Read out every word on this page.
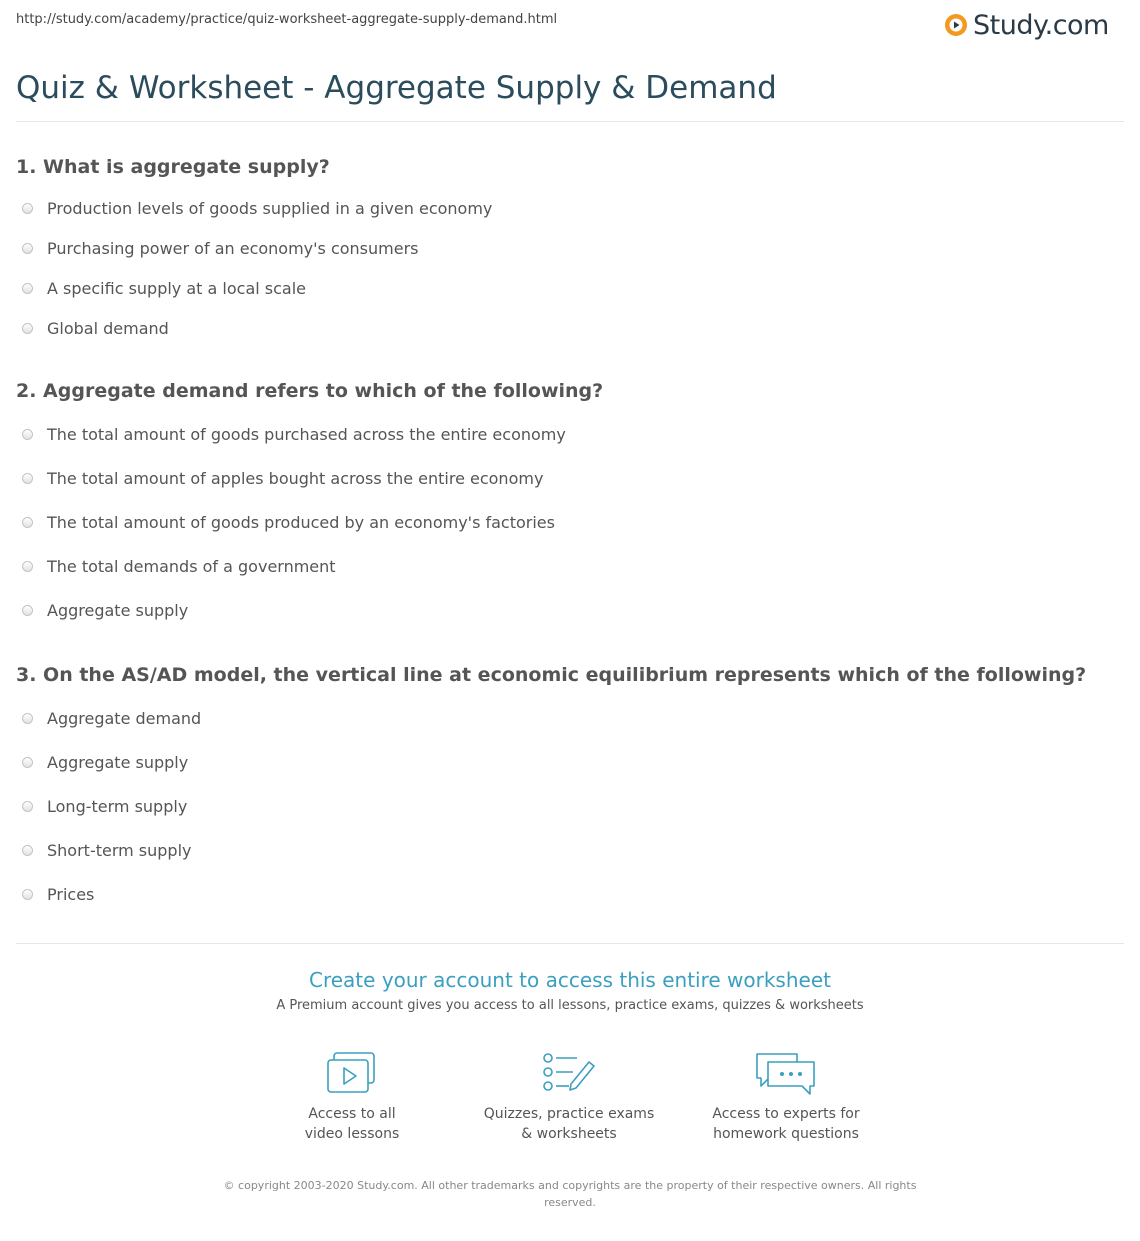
http://study.com/academy/practice/quiz-worksheet-aggregate-supply-demand.html	Study.com
Quiz & Worksheet - Aggregate Supply & Demand
1. What is aggregate supply?
Production levels of goods supplied in a given economy
Purchasing power of an economy's consumers
A specific supply at a local scale
Global demand
2. Aggregate demand refers to which of the following?
The total amount of goods purchased across the entire economy
The total amount of apples bought across the entire economy
The total amount of goods produced by an economy's factories
The total demands of a government
Aggregate supply
3. On the AS/AD model, the vertical line at economic equilibrium represents which of the following?
Aggregate demand
Aggregate supply
Long-term supply
Short-term supply
Prices
Create your account to access this entire worksheet
A Premium account gives you access to all lessons, practice exams, quizzes & worksheets
Access to all
video lessons
Quizzes, practice exams
& worksheets
Access to experts for
homework questions
© copyright 2003-2020 Study.com. All other trademarks and copyrights are the property of their respective owners. All rights reserved.
